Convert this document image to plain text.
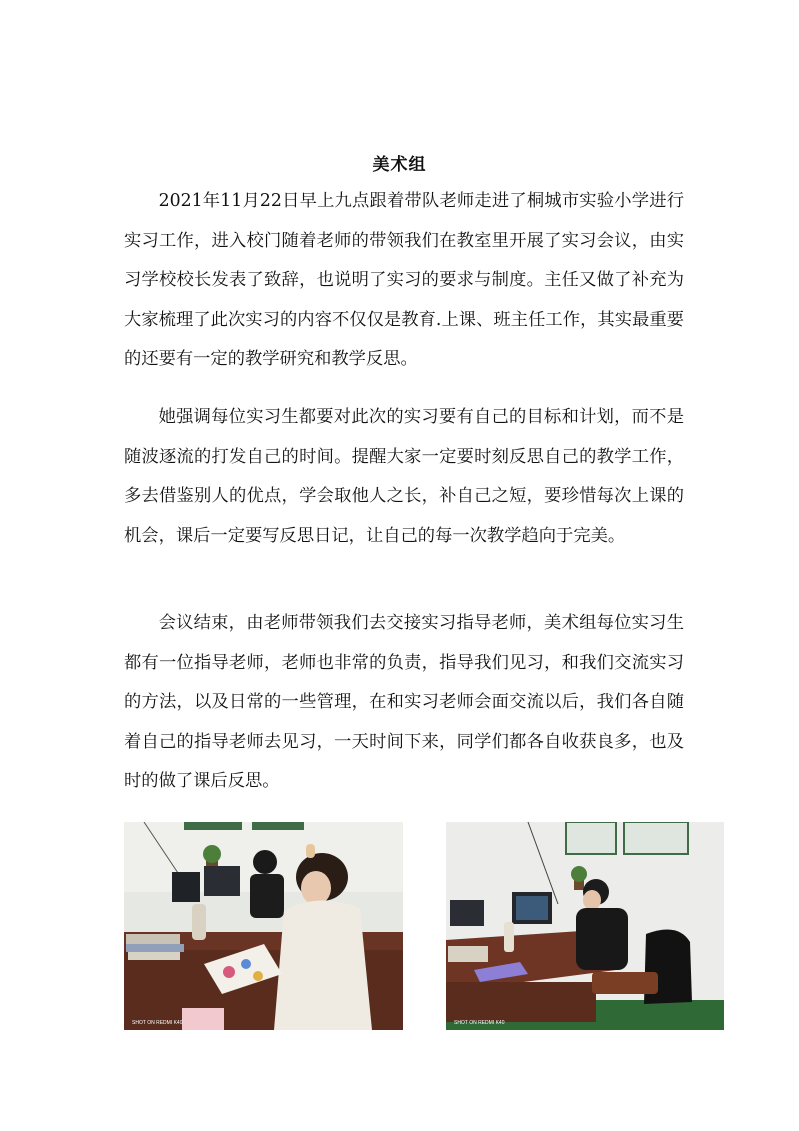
美术组

2021年11月22日早上九点跟着带队老师走进了桐城市实验小学进行实习工作，进入校门随着老师的带领我们在教室里开展了实习会议，由实习学校校长发表了致辞，也说明了实习的要求与制度。主任又做了补充为大家梳理了此次实习的内容不仅仅是教育.上课、班主任工作，其实最重要的还要有一定的教学研究和教学反思。

她强调每位实习生都要对此次的实习要有自己的目标和计划，而不是随波逐流的打发自己的时间。提醒大家一定要时刻反思自己的教学工作，多去借鉴别人的优点，学会取他人之长，补自己之短，要珍惜每次上课的机会，课后一定要写反思日记，让自己的每一次教学趋向于完美。

会议结束，由老师带领我们去交接实习指导老师，美术组每位实习生都有一位指导老师，老师也非常的负责，指导我们见习，和我们交流实习的方法，以及日常的一些管理，在和实习老师会面交流以后，我们各自随着自己的指导老师去见习，一天时间下来，同学们都各自收获良多，也及时的做了课后反思。

SHOT ON REDMI K40	SHOT ON REDMI K40
